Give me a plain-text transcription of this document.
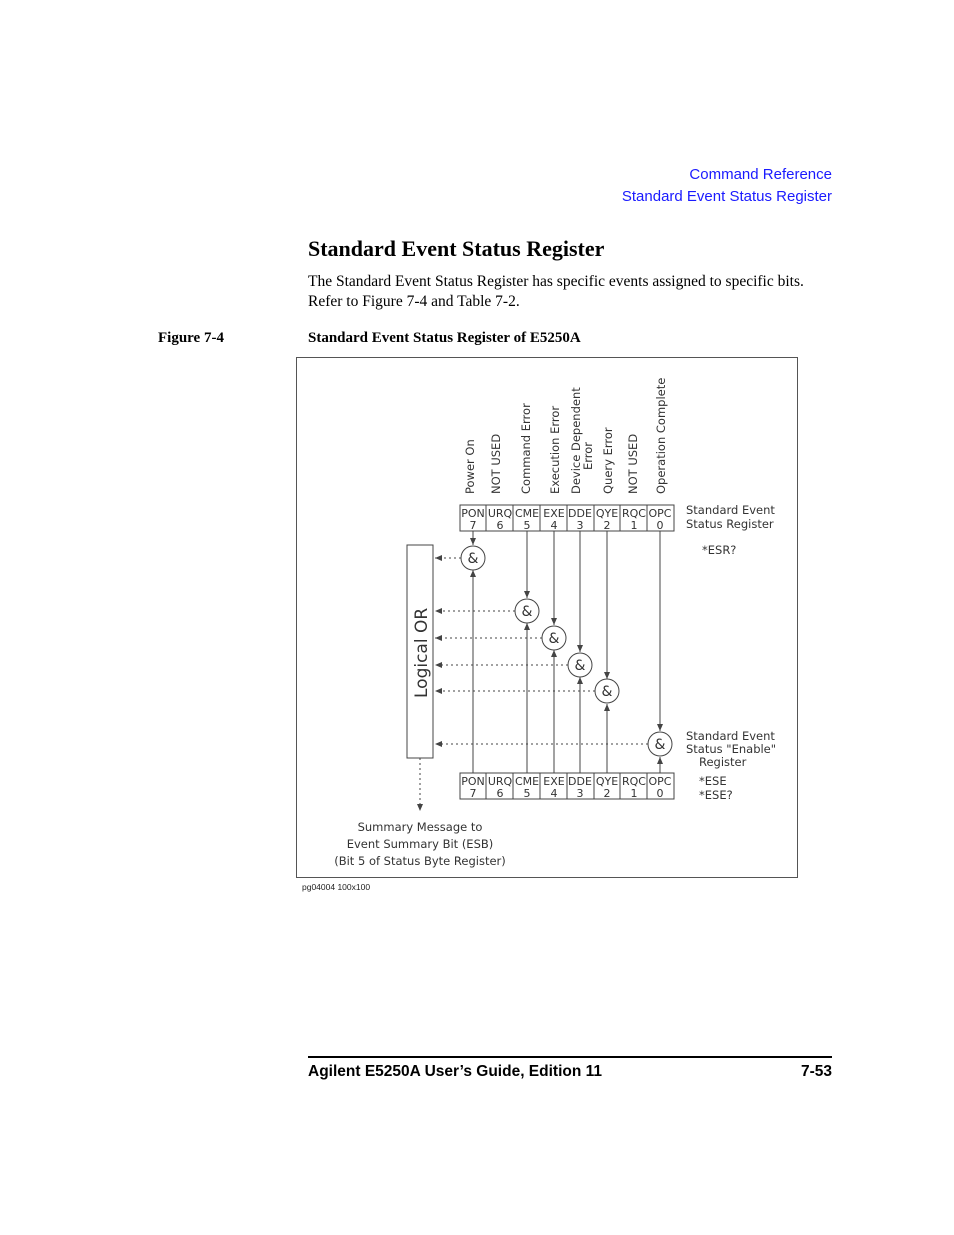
Command Reference
Standard Event Status Register
Standard Event Status Register

The Standard Event Status Register has specific events assigned to specific bits. Refer to Figure 7-4 and Table 7-2.

Figure 7-4	Standard Event Status Register of E5250A
Power On NOT USED Command Error Execution Error Device Dependent
Error Query Error NOT USED Operation Complete
PON URQ CME EXE DDE QYE RQC OPC
7 6 5 4 3 2 1 0
Standard Event
Status Register
*ESR?
PON URQ CME EXE DDE QYE RQC OPC
7 6 5 4 3 2 1 0
Standard Event
Status "Enable"
Register
*ESE
*ESE?
&
&
&
&
&
&
Logical OR
Summary Message to
Event Summary Bit (ESB)
(Bit 5 of Status Byte Register)
pg04004 100x100
Agilent E5250A User’s Guide, Edition 11	7-53
